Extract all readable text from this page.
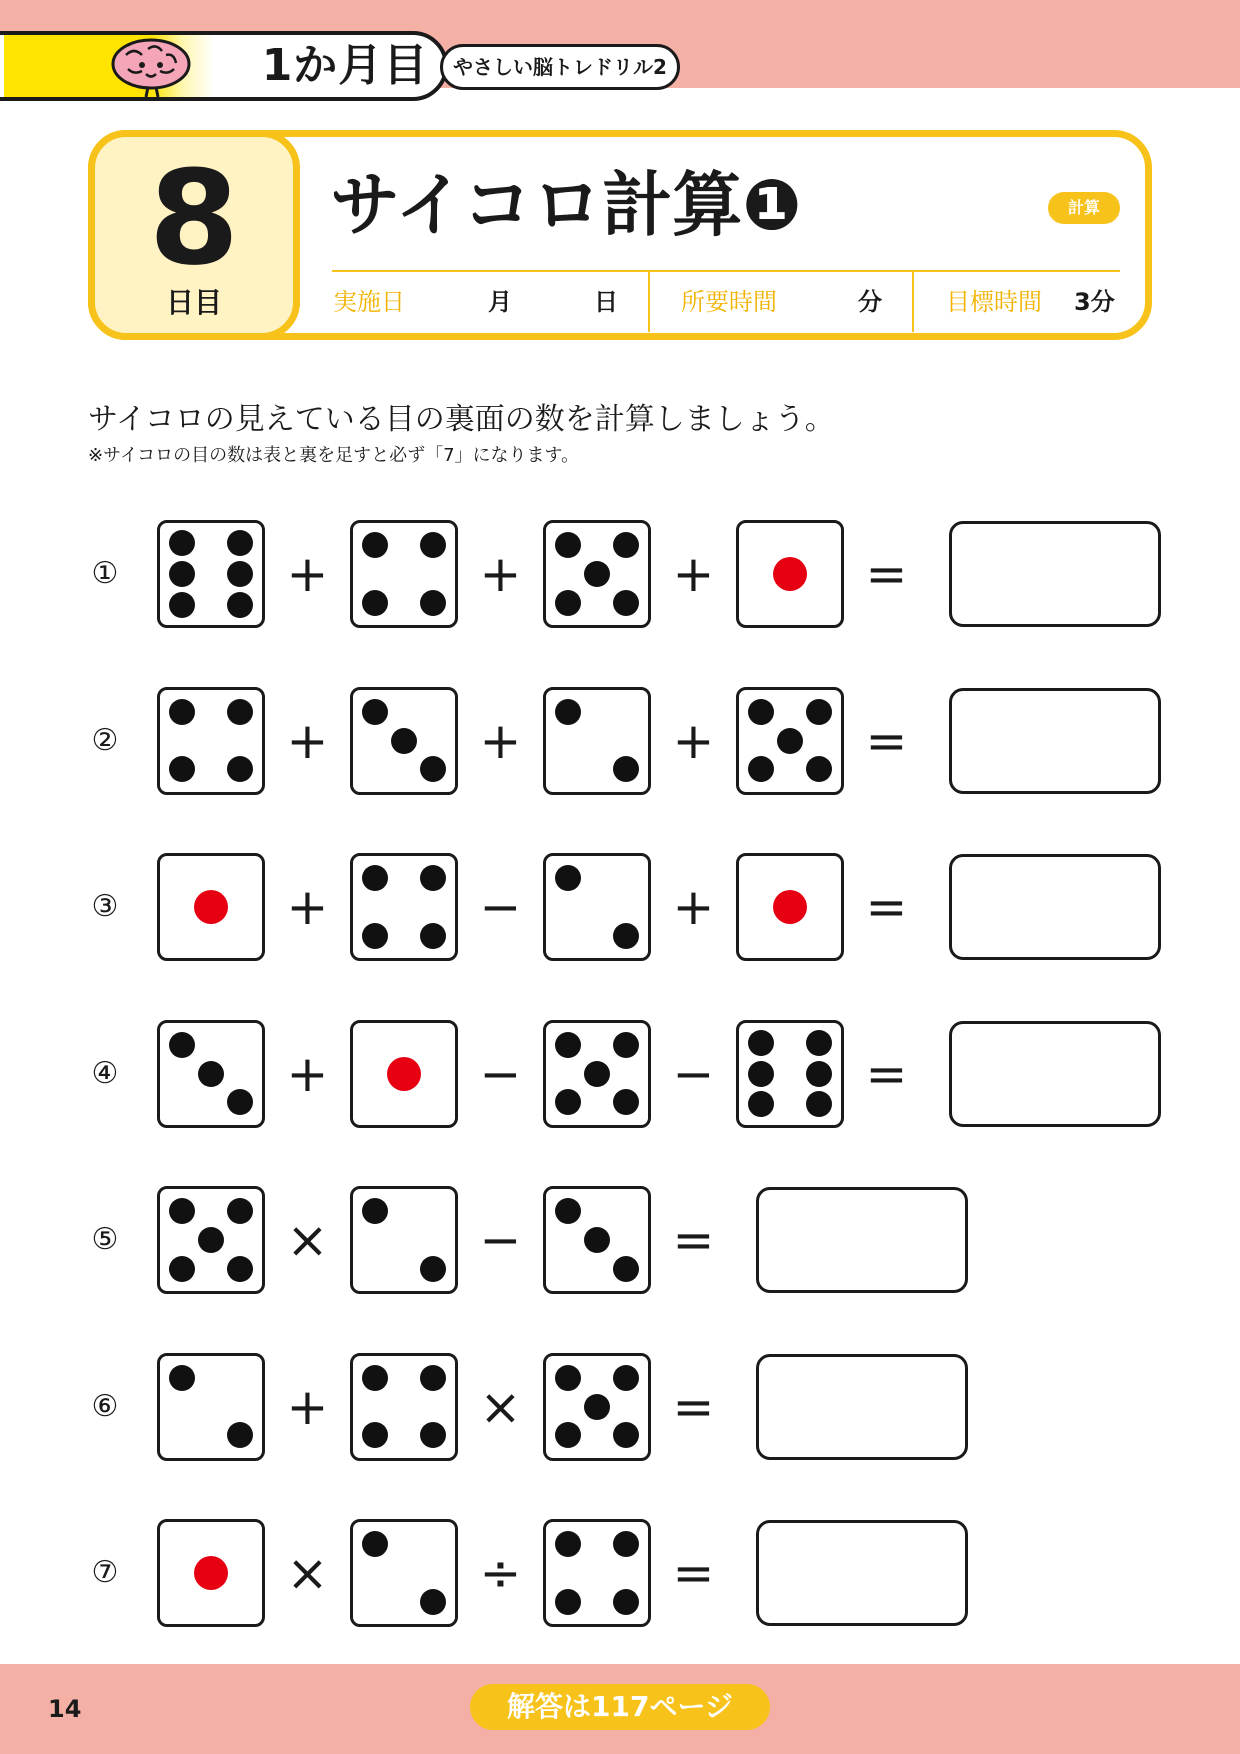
1か月目	やさしい脳トレドリル2
8
日目
サイコロ計算❶	計算
実施日	月	日	所要時間	分	目標時間 3分
サイコロの見えている目の裏面の数を計算しましょう。
※サイコロの目の数は表と裏を足すと必ず「7」になります。
①	+	+	+	=
②	+	+	+	=
③	+	−	+	=
④	+	−	−	=
⑤	×	−	=
⑥	+	×	=
⑦	×	÷	=
14	解答は117ページ
